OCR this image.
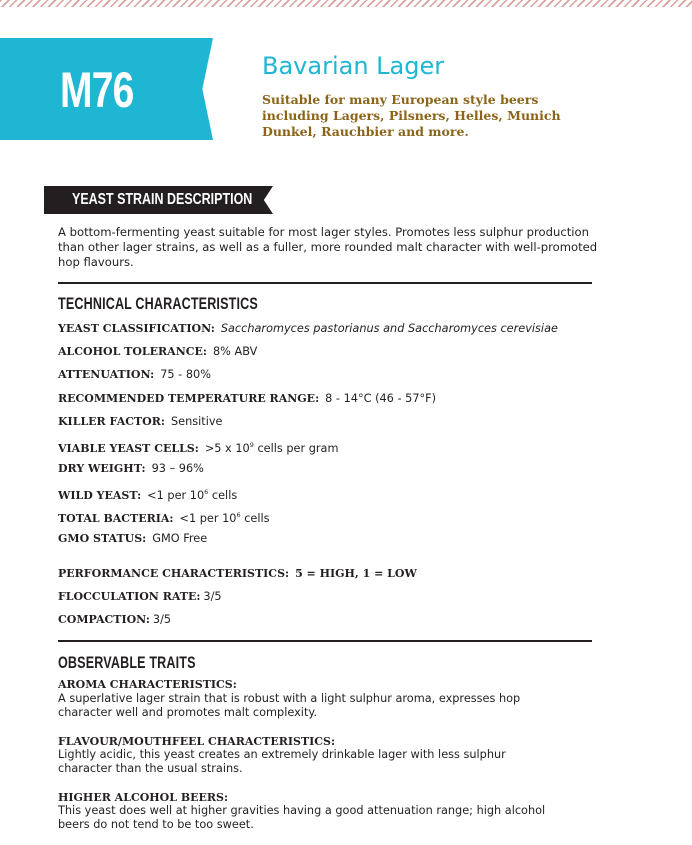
M76	Bavarian Lager
Suitable for many European style beers including Lagers, Pilsners, Helles, Munich Dunkel, Rauchbier and more.
YEAST STRAIN DESCRIPTION
A bottom-fermenting yeast suitable for most lager styles. Promotes less sulphur production than other lager strains, as well as a fuller, more rounded malt character with well-promoted hop flavours.
TECHNICAL CHARACTERISTICS
YEAST CLASSIFICATION: Saccharomyces pastorianus and Saccharomyces cerevisiae
ALCOHOL TOLERANCE: 8% ABV
ATTENUATION: 75 - 80%
RECOMMENDED TEMPERATURE RANGE: 8 - 14°C (46 - 57°F)
KILLER FACTOR: Sensitive
VIABLE YEAST CELLS: >5 x $10^9$ cells per gram
DRY WEIGHT: 93 – 96%
WILD YEAST: <1 per $10^6$ cells
TOTAL BACTERIA: <1 per $10^6$ cells
GMO STATUS: GMO Free
PERFORMANCE CHARACTERISTICS: 5 = HIGH, 1 = LOW
FLOCCULATION RATE: 3/5
COMPACTION: 3/5
OBSERVABLE TRAITS
AROMA CHARACTERISTICS:
A superlative lager strain that is robust with a light sulphur aroma, expresses hop
character well and promotes malt complexity.
FLAVOUR/MOUTHFEEL CHARACTERISTICS:
Lightly acidic, this yeast creates an extremely drinkable lager with less sulphur
character than the usual strains.
HIGHER ALCOHOL BEERS:
This yeast does well at higher gravities having a good attenuation range; high alcohol
beers do not tend to be too sweet.
